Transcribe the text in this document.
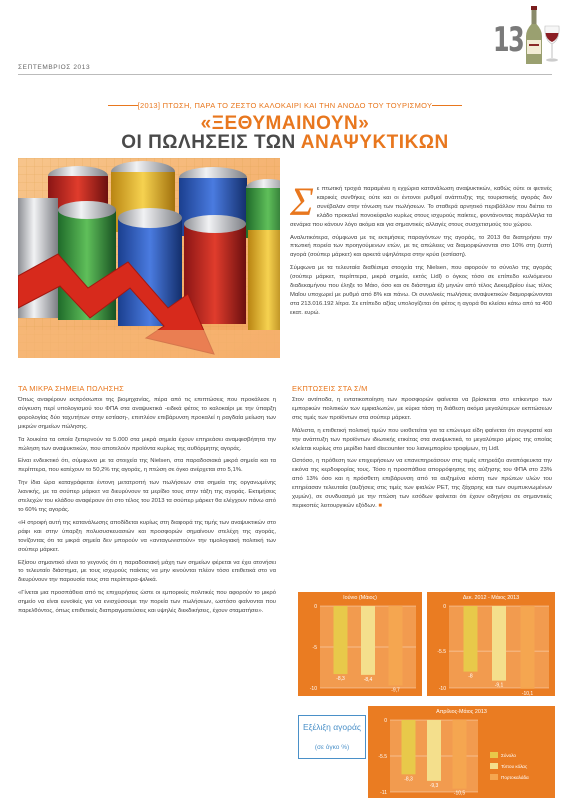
ΣΕΠΤΕΜΒΡΙΟΣ 2013
13
[2013] ΠΤΩΣΗ, ΠΑΡΑ ΤΟ ΖΕΣΤΟ ΚΑΛΟΚΑΙΡΙ ΚΑΙ ΤΗΝ ΑΝΟΔΟ ΤΟΥ ΤΟΥΡΙΣΜΟΥ
«ΞΕΘΥΜΑΙΝΟΥΝ»
ΟΙ ΠΩΛΗΣΕΙΣ ΤΩΝ ΑΝΑΨΥΚΤΙΚΩΝ

Σε πτωτική τροχιά παραμένει η εγχώρια κατανάλωση αναψυκτικών, καθώς ούτε οι φετινές καιρικές συνθήκες ούτε και οι έντονοι ρυθμοί ανάπτυξης της τουριστικής αγοράς δεν συνέβαλαν στην τόνωση των πωλήσεων. Το σταθερά αρνητικό περιβάλλον που διέπει το κλάδο προκαλεί πονοκέφαλο κυρίως στους ισχυρούς παίκτες, φοντάνοντας παράλληλα τα σενάρια που κάνουν λόγο ακόμα και για σημαντικές αλλαγές στους συσχετισμούς του χώρου.

Αναλυτικότερα, σύμφωνα με τις εκτιμήσεις παραγόντων της αγοράς, το 2013 θα διατηρήσει την πτωτική πορεία των προηγούμενων ετών, με τις απώλειες να διαμορφώνονται στο 10% στη ζεστή αγορά (σούπερ μάρκετ) και αρκετά υψηλότερα στην κρύα (εστίαση).

Σύμφωνα με τα τελευταία διαθέσιμα στοιχεία της Nielsen, που αφορούν το σύνολο της αγοράς (σούπερ μάρκετ, περίπτερα, μικρά σημεία, εκτός Lidl) ο όγκος τόσο σε επίπεδο κυλιόμενου διαδεκαμήνου που έληξε το Μάιο, όσο και σε διάστημα έξι μηνών από τέλος Δεκεμβρίου έως τέλος Μαΐου υποχωρεί με ρυθμό από 8% και πάνω. Οι συνολικές πωλήσεις αναψυκτικών διαμορφώνονται στα 213.016.192 λίτρα. Σε επίπεδο αξίας υπολογίζεται ότι φέτος η αγορά θα κλείσει κάτω από τα 400 εκατ. ευρώ.

ΤΑ ΜΙΚΡΑ ΣΗΜΕΙΑ ΠΩΛΗΣΗΣ

Όπως αναφέρουν εκπρόσωποι της βιομηχανίας, πέρα από τις επιπτώσεις που προκάλεσε η σύγκυση περί υπολογισμού του ΦΠΑ στα αναψυκτικά -ειδικά φέτος το καλοκαίρι με την ύπαρξη φορολογίας δύο ταχυτήτων στην εστίαση-, επιπλέον επιβάρυνση προκαλεί η ραγδαία μείωση των μικρών σημείων πώλησης.

Τα λουκέτα τα οποία ξεπερνούν τα 5.000 στα μικρά σημεία έχουν επηρεάσει αναμφισβήτητα την πώληση των αναψυκτικών, που αποτελούν προϊόντα κυρίως της αυθόρμητης αγοράς.

Είναι ενδεικτικό ότι, σύμφωνα με τα στοιχεία της Nielsen, στα παραδοσιακά μικρά σημεία και τα περίπτερα, που κατέχουν το 50,2% της αγοράς, η πτώση σε όγκο ανέρχεται στο 5,1%.

Την ίδια ώρα καταγράφεται έντονη μετατροπή των πωλήσεων στα σημεία της οργανωμένης λιανικής, με τα σούπερ μάρκετ να διευρύνουν τα μερίδιο τους στην τάξη της αγοράς. Εκτιμήσεις στελεχών του κλάδου αναφέρουν ότι στο τέλος του 2013 τα σούπερ μάρκετ θα ελέγχουν πάνω από το 60% της αγοράς.

«Η στροφή αυτή της κατανάλωσης αποδίδεται κυρίως στη διαφορά της τιμής των αναψυκτικών στο ράφι και στην ύπαρξη πολυσυσκευασιών και προσφορών σημαίνουν στελέχη της αγοράς, τονίζοντας ότι τα μικρά σημεία δεν μπορούν να «ανταγωνιστούν» την τιμολογιακή πολιτική των σούπερ μάρκετ.

Εξίσου σημαντικό είναι το γεγονός ότι η παραδοσιακή μάχη των σημείων φέρεται να έχει ατονήσει το τελευταίο διάστημα, με τους ισχυρούς παίκτες να μην κινούνται πλέον τόσο επιθετικά στο να διευρύνουν την παρουσία τους στα περίπτερα-ψιλικά.

«Γίνεται μια προσπάθεια από τις επιχειρήσεις ώστε οι εμπορικές πολιτικές που αφορούν το μικρό σημείο να είναι ευνοϊκές για να ενισχύσουμε την πορεία των πωλήσεων, ωστόσο φαίνονται που παρελθόντος, όπως επιθετικές διαπραγματεύσεις και υψηλές διεκδικήσεις, έχουν σταματήσει».

ΕΚΠΤΩΣΕΙΣ ΣΤΑ Σ/Μ

Στον αντίποδα, η εντατικοποίηση των προσφορών φαίνεται να βρίσκεται στο επίκεντρο των εμπορικών πολιτικών των εμφιαλωτών, με κύρια τάση τη διάθεση ακόμα μεγαλύτερων εκπτώσεων στις τιμές των προϊόντων στα σούπερ μάρκετ.

Μάλιστα, η επιθετική πολιτική τιμών που υιοθετείται για τα επώνυμα είδη φαίνεται ότι συγκρατεί και την ανάπτυξη των προϊόντων ιδιωτικής ετικέτας στα αναψυκτικά, το μεγαλύτερο μέρος της οποίας κλείεται κυρίως στο μερίδιο hard discounter του λιανεμπορίου τροφίμων, τη Lidl.

Ωστόσο, η πρόθεση των επιχειρήσεων να επανεπηρεάσουν στις τιμές επηρεάζει αναπόφευκτα την εικόνα της κερδοφορίας τους. Τόσο η προσπάθεια απορρόφησης της αύξησης του ΦΠΑ στο 23% από 13% όσο και η πρόσθετη επιβάρυνση από τα αυξημένα κόστη των πρώτων υλών του επηρέασαν τελευταία (αυξήσεις στις τιμές των φιαλών PET, της ζάχαρης και των συμπυκνωμένων χυμών), σε συνδυασμό με την πτώση των εσόδων φαίνεται ότι έχουν οδηγήσει σε σημαντικές περικοπές λειτουργικών εξόδων. ■

Ιούνιο (Μάιος)
0
-5
-10
-8,3	-8,4
-9,7
Δεκ. 2012 - Μάιος 2013
0
-5.5
-10
-8
-9,1
-10,1
Εξέλιξη αγοράς
(σε όγκο %)
Απρίλιος-Μάιος 2013
0
-5.5
-11
-8,3
-9,3
-10,5
Σύνολο
Τύπου κόλας
Πορτοκαλάδα
